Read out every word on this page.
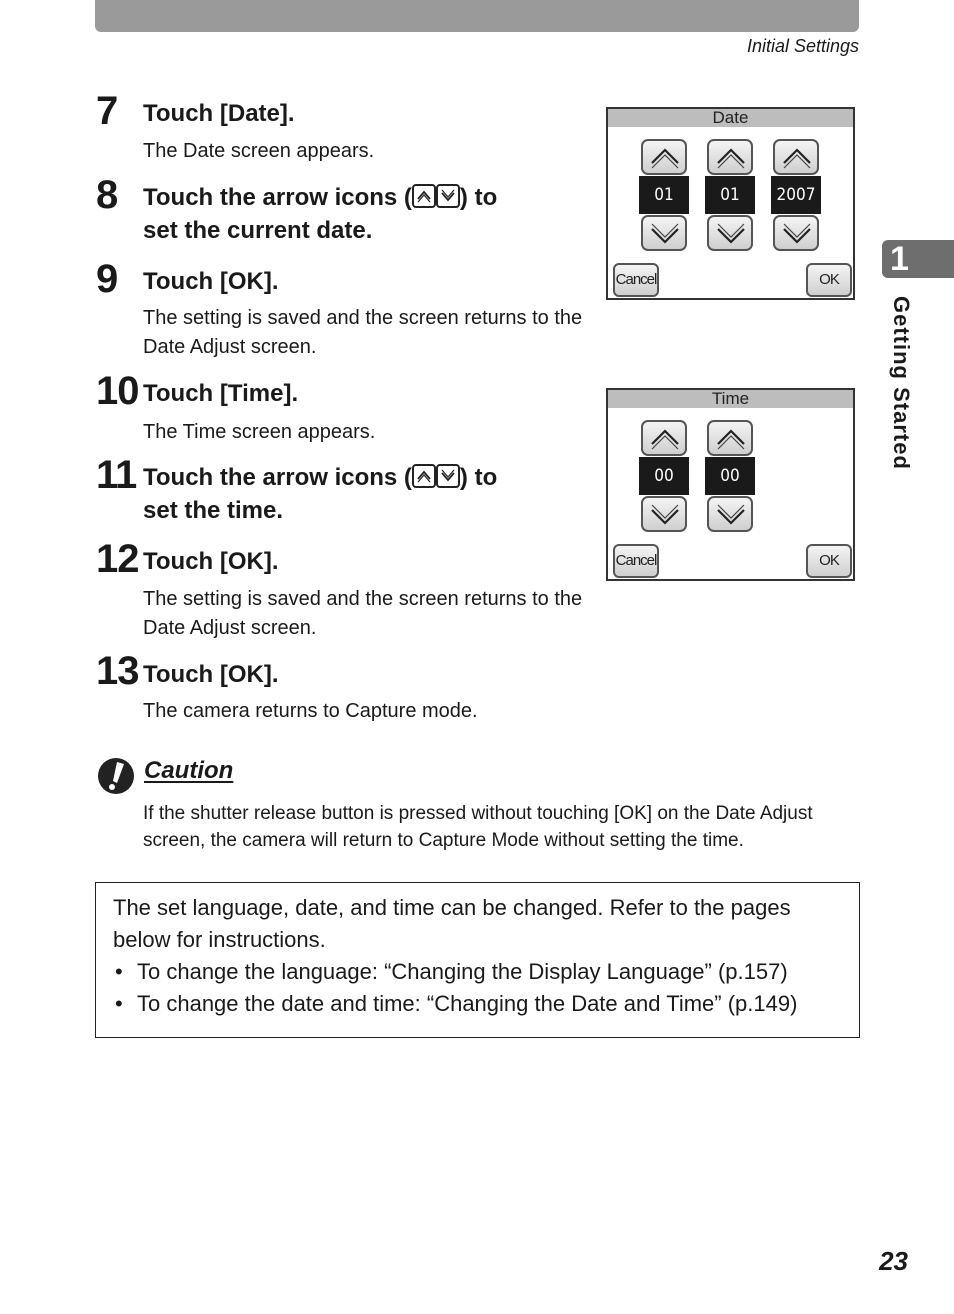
Initial Settings
7 Touch [Date].
The Date screen appears.
8 Touch the arrow icons ( ) to
set the current date.
9 Touch [OK].
The setting is saved and the screen returns to the Date Adjust screen.
10 Touch [Time].
The Time screen appears.
11 Touch the arrow icons ( ) to
set the time.
12 Touch [OK].
The setting is saved and the screen returns to the Date Adjust screen.
13 Touch [OK].
The camera returns to Capture mode.
Date
01	01	2007
Cancel	OK
Time
00	00
Cancel	OK
1
Getting Started
Caution
If the shutter release button is pressed without touching [OK] on the Date Adjust screen, the camera will return to Capture Mode without setting the time.
The set language, date, and time can be changed. Refer to the pages below for instructions.
• To change the language: “Changing the Display Language” (p.157)
• To change the date and time: “Changing the Date and Time” (p.149)
23
